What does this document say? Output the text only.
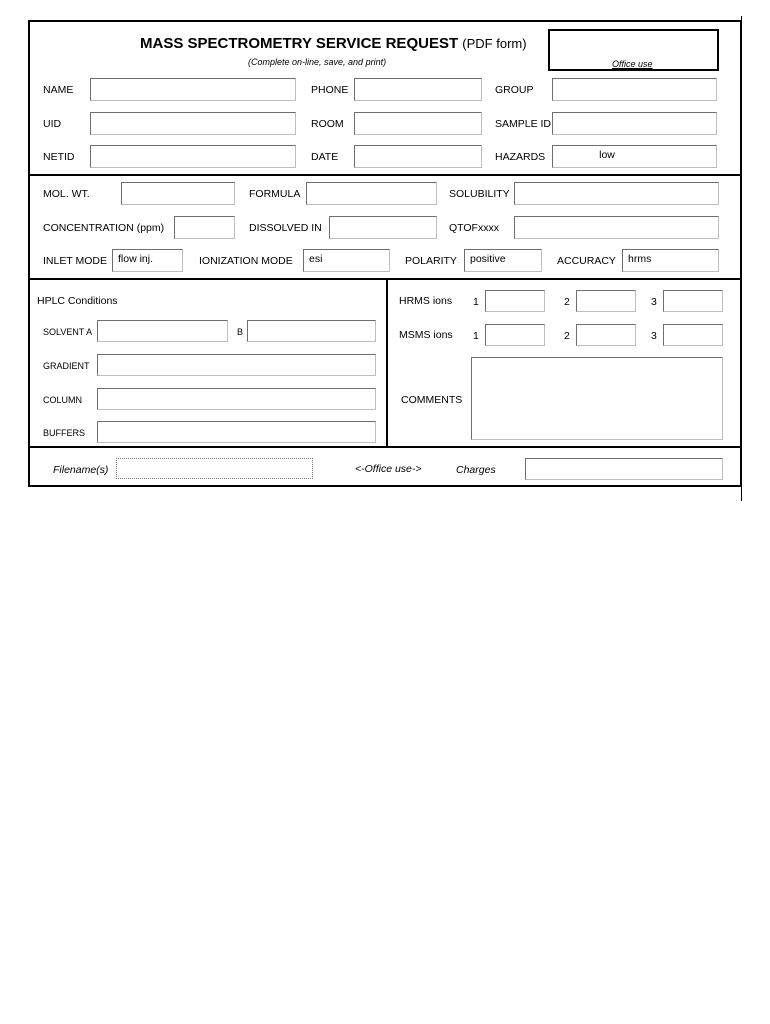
MASS SPECTROMETRY SERVICE REQUEST (PDF form)
(Complete on-line, save, and print)	Office use
NAME	PHONE	GROUP
UID	ROOM	SAMPLE ID
NETID	DATE	HAZARDS	low
MOL. WT.	FORMULA	SOLUBILITY
CONCENTRATION (ppm)	DISSOLVED IN	QTOFxxxx
INLET MODE	flow inj.	IONIZATION MODE	esi	POLARITY	positive	ACCURACY	hrms
HPLC Conditions
SOLVENT A	B
GRADIENT
COLUMN
BUFFERS
HRMS ions 1	2	3
MSMS ions 1	2	3
COMMENTS
Filename(s)	<-Office use->	Charges
